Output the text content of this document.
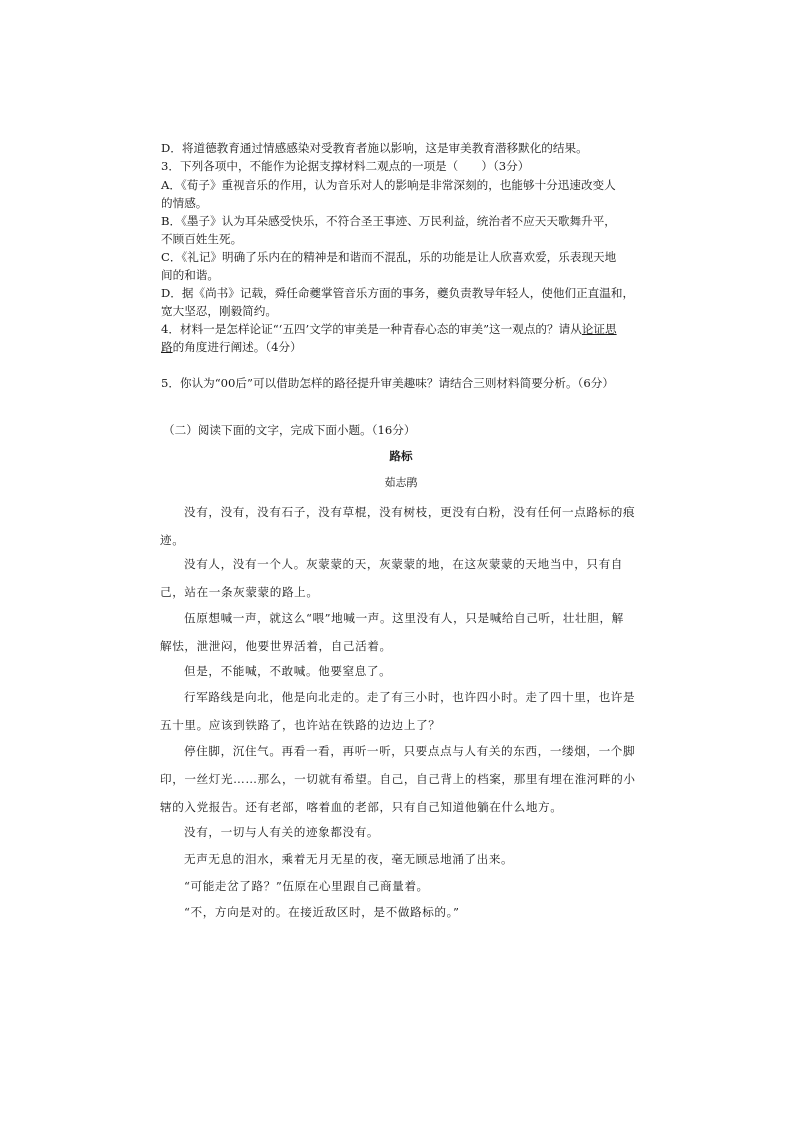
D．将道德教育通过情感感染对受教育者施以影响，这是审美教育潜移默化的结果。

3．下列各项中，不能作为论据支撑材料二观点的一项是（　　）（3分）

A．《荀子》重视音乐的作用，认为音乐对人的影响是非常深刻的，也能够十分迅速改变人

的情感。

B．《墨子》认为耳朵感受快乐，不符合圣王事迹、万民利益，统治者不应天天歌舞升平，

不顾百姓生死。

C．《礼记》明确了乐内在的精神是和谐而不混乱，乐的功能是让人欣喜欢爱，乐表现天地

间的和谐。

D．据《尚书》记载，舜任命夔掌管音乐方面的事务，夔负责教导年轻人，使他们正直温和，

宽大坚忍，刚毅简约。

4．材料一是怎样论证“‘五四’文学的审美是一种青春心态的审美”这一观点的？请从论证思

路的角度进行阐述。（4分）

5．你认为“00后”可以借助怎样的路径提升审美趣味？请结合三则材料简要分析。（6分）

（二）阅读下面的文字，完成下面小题。（16分）

路标

茹志鹃

没有，没有，没有石子，没有草棍，没有树枝，更没有白粉，没有任何一点路标的痕迹。
没有人，没有一个人。灰蒙蒙的天，灰蒙蒙的地，在这灰蒙蒙的天地当中，只有自己，站在一条灰蒙蒙的路上。
伍原想喊一声，就这么“喂”地喊一声。这里没有人，只是喊给自己听，壮壮胆，解解怯，泄泄闷，他要世界活着，自己活着。
但是，不能喊，不敢喊。他要窒息了。
行军路线是向北，他是向北走的。走了有三小时，也许四小时。走了四十里，也许是五十里。应该到铁路了，也许站在铁路的边边上了？
停住脚，沉住气。再看一看，再听一听，只要点点与人有关的东西，一缕烟，一个脚印，一丝灯光……那么，一切就有希望。自己，自己背上的档案，那里有埋在淮河畔的小辖的入党报告。还有老部，喀着血的老部，只有自己知道他躺在什么地方。
没有，一切与人有关的迹象都没有。
无声无息的泪水，乘着无月无星的夜，毫无顾忌地涌了出来。
“可能走岔了路？”伍原在心里跟自己商量着。
“不，方向是对的。在接近敌区时，是不做路标的。”
